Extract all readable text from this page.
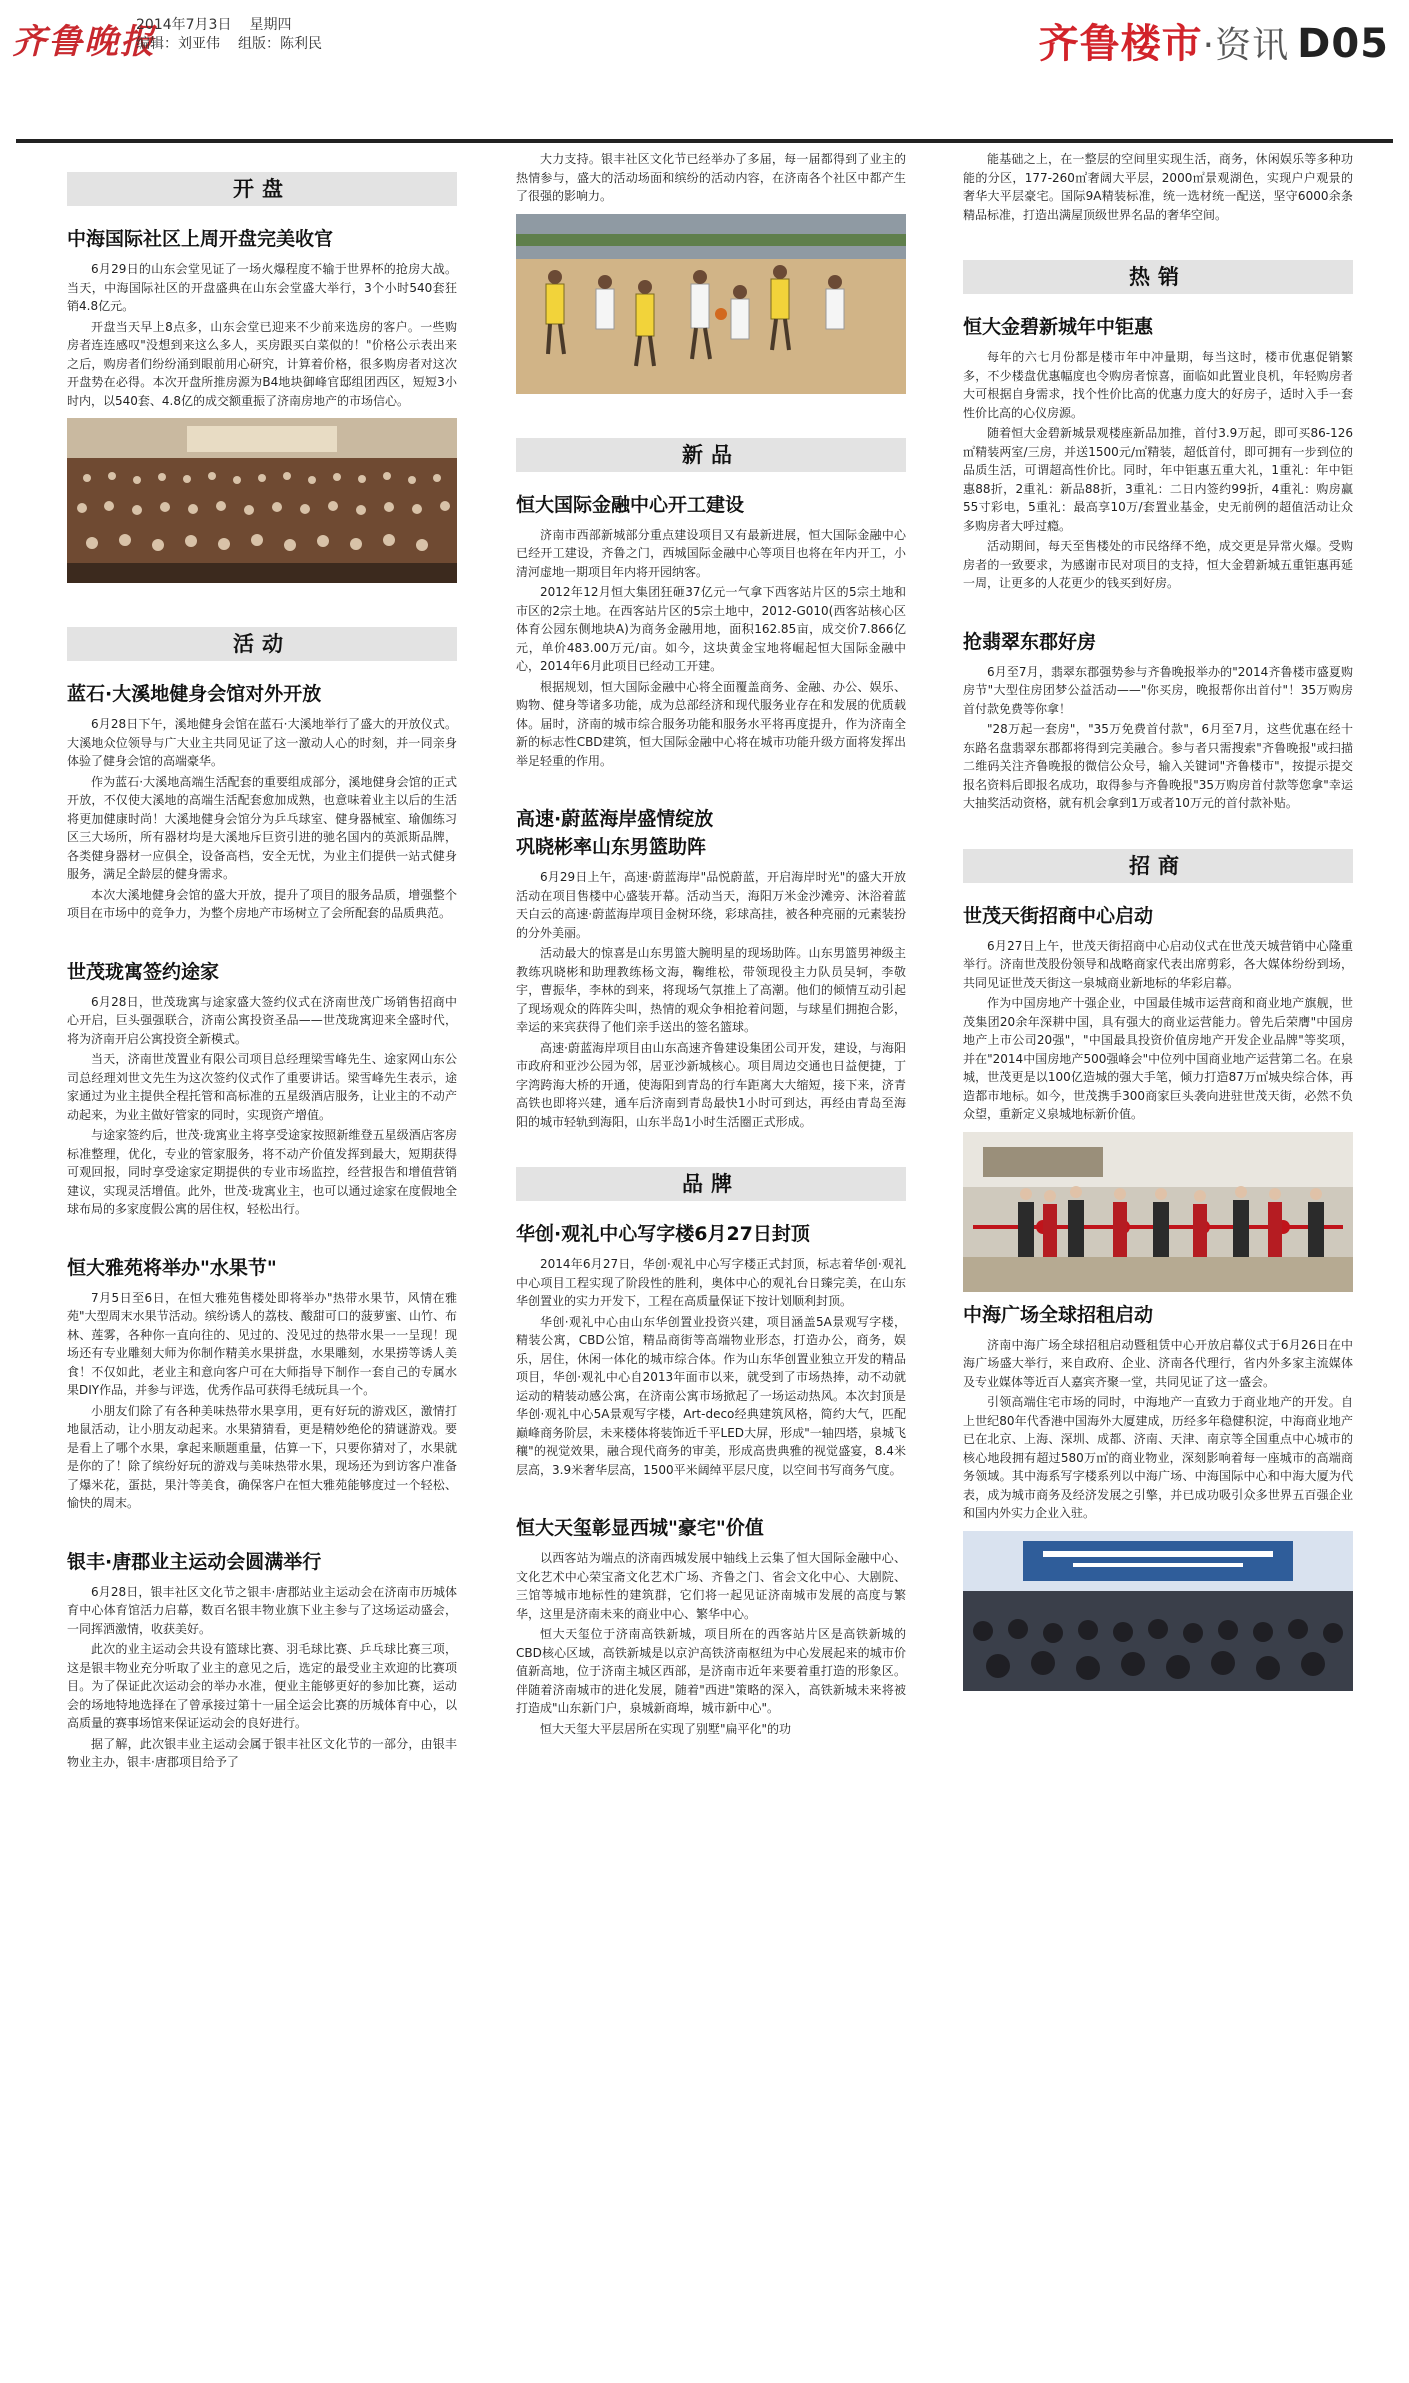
齐鲁晚报
2014年7月3日 星期四
编辑：刘亚伟 组版：陈利民	齐鲁楼市·资讯 D05
开盘
中海国际社区上周开盘完美收官

6月29日的山东会堂见证了一场火爆程度不输于世界杯的抢房大战。当天，中海国际社区的开盘盛典在山东会堂盛大举行，3个小时540套狂销4.8亿元。

开盘当天早上8点多，山东会堂已迎来不少前来选房的客户。一些购房者连连感叹"没想到来这么多人，买房跟买白菜似的！"价格公示表出来之后，购房者们纷纷涌到眼前用心研究，计算着价格，很多购房者对这次开盘势在必得。本次开盘所推房源为B4地块御峰官邸组团西区，短短3小时内，以540套、4.8亿的成交额重振了济南房地产的市场信心。

活动
蓝石·大溪地健身会馆对外开放

6月28日下午，溪地健身会馆在蓝石·大溪地举行了盛大的开放仪式。大溪地众位领导与广大业主共同见证了这一激动人心的时刻，并一同亲身体验了健身会馆的高端豪华。

作为蓝石·大溪地高端生活配套的重要组成部分，溪地健身会馆的正式开放，不仅使大溪地的高端生活配套愈加成熟，也意味着业主以后的生活将更加健康时尚！大溪地健身会馆分为乒乓球室、健身器械室、瑜伽练习区三大场所，所有器材均是大溪地斥巨资引进的驰名国内的英派斯品牌，各类健身器材一应俱全，设备高档，安全无忧，为业主们提供一站式健身服务，满足全龄层的健身需求。

本次大溪地健身会馆的盛大开放，提升了项目的服务品质，增强整个项目在市场中的竞争力，为整个房地产市场树立了会所配套的品质典范。

世茂珑寓签约途家

6月28日，世茂珑寓与途家盛大签约仪式在济南世茂广场销售招商中心开启，巨头强强联合，济南公寓投资圣品——世茂珑寓迎来全盛时代，将为济南开启公寓投资全新模式。

当天，济南世茂置业有限公司项目总经理梁雪峰先生、途家网山东公司总经理刘世文先生为这次签约仪式作了重要讲话。梁雪峰先生表示，途家通过为业主提供全程托管和高标准的五星级酒店服务，让业主的不动产动起来，为业主做好管家的同时，实现资产增值。

与途家签约后，世茂·珑寓业主将享受途家按照新维登五星级酒店客房标准整理，优化，专业的管家服务，将不动产价值发挥到最大，短期获得可观回报，同时享受途家定期提供的专业市场监控，经营报告和增值营销建议，实现灵活增值。此外，世茂·珑寓业主，也可以通过途家在度假地全球布局的多家度假公寓的居住权，轻松出行。

恒大雅苑将举办"水果节"

7月5日至6日，在恒大雅苑售楼处即将举办"热带水果节，风情在雅苑"大型周末水果节活动。缤纷诱人的荔枝、酸甜可口的菠萝蜜、山竹、布林、莲雾，各种你一直向往的、见过的、没见过的热带水果一一呈现！现场还有专业雕刻大师为你制作精美水果拼盘，水果雕刻，水果捞等诱人美食！不仅如此，老业主和意向客户可在大师指导下制作一套自己的专属水果DIY作品，并参与评选，优秀作品可获得毛绒玩具一个。

小朋友们除了有各种美味热带水果享用，更有好玩的游戏区，激情打地鼠活动，让小朋友动起来。水果猜猜看，更是精妙绝伦的猜谜游戏。要是看上了哪个水果，拿起来顺题重量，估算一下，只要你猜对了，水果就是你的了！除了缤纷好玩的游戏与美味热带水果，现场还为到访客户准备了爆米花，蛋挞，果汁等美食，确保客户在恒大雅苑能够度过一个轻松、愉快的周末。

银丰·唐郡业主运动会圆满举行

6月28日，银丰社区文化节之银丰·唐郡站业主运动会在济南市历城体育中心体育馆活力启幕，数百名银丰物业旗下业主参与了这场运动盛会，一同挥洒激情，收获美好。

此次的业主运动会共设有篮球比赛、羽毛球比赛、乒乓球比赛三项，这是银丰物业充分听取了业主的意见之后，选定的最受业主欢迎的比赛项目。为了保证此次运动会的举办水准，便业主能够更好的参加比赛，运动会的场地特地选择在了曾承接过第十一届全运会比赛的历城体育中心，以高质量的赛事场馆来保证运动会的良好进行。

据了解，此次银丰业主运动会属于银丰社区文化节的一部分，由银丰物业主办，银丰·唐郡项目给予了

大力支持。银丰社区文化节已经举办了多届，每一届都得到了业主的热情参与，盛大的活动场面和缤纷的活动内容，在济南各个社区中都产生了很强的影响力。

新品
恒大国际金融中心开工建设

济南市西部新城部分重点建设项目又有最新进展，恒大国际金融中心已经开工建设，齐鲁之门，西城国际金融中心等项目也将在年内开工，小清河虚地一期项目年内将开园纳客。

2012年12月恒大集团狂砸37亿元一气拿下西客站片区的5宗土地和市区的2宗土地。在西客站片区的5宗土地中，2012-G010(西客站核心区体育公园东侧地块A)为商务金融用地，面积162.85亩，成交价7.866亿元，单价483.00万元/亩。如今，这块黄金宝地将崛起恒大国际金融中心，2014年6月此项目已经动工开建。

根据规划，恒大国际金融中心将全面覆盖商务、金融、办公、娱乐、购物、健身等诸多功能，成为总部经济和现代服务业存在和发展的优质载体。届时，济南的城市综合服务功能和服务水平将再度提升，作为济南全新的标志性CBD建筑，恒大国际金融中心将在城市功能升级方面将发挥出举足轻重的作用。

高速·蔚蓝海岸盛情绽放
巩晓彬率山东男篮助阵

6月29日上午，高速·蔚蓝海岸"品悦蔚蓝，开启海岸时光"的盛大开放活动在项目售楼中心盛装开幕。活动当天，海阳万米金沙滩旁、沐浴着蓝天白云的高速·蔚蓝海岸项目金树环绕，彩球高挂，被各种亮丽的元素装扮的分外美丽。

活动最大的惊喜是山东男篮大腕明星的现场助阵。山东男篮男神级主教练巩晓彬和助理教练杨文海，鞠维松，带领现役主力队员吴轲，李敬宇，曹振华，李林的到来，将现场气氛推上了高潮。他们的倾情互动引起了现场观众的阵阵尖叫，热情的观众争相抢着问题，与球星们拥抱合影，幸运的来宾获得了他们亲手送出的签名篮球。

高速·蔚蓝海岸项目由山东高速齐鲁建设集团公司开发，建设，与海阳市政府和亚沙公园为邻，居亚沙新城核心。项目周边交通也日益便捷，丁字湾跨海大桥的开通，使海阳到青岛的行车距离大大缩短，接下来，济青高铁也即将兴建，通车后济南到青岛最快1小时可到达，再经由青岛至海阳的城市轻轨到海阳，山东半岛1小时生活圈正式形成。

品牌
华创·观礼中心写字楼6月27日封顶

2014年6月27日，华创·观礼中心写字楼正式封顶，标志着华创·观礼中心项目工程实现了阶段性的胜利，奥体中心的观礼台日臻完美，在山东华创置业的实力开发下，工程在高质量保证下按计划顺利封顶。

华创·观礼中心由山东华创置业投资兴建，项目涵盖5A景观写字楼，精装公寓，CBD公馆，精品商街等高端物业形态，打造办公，商务，娱乐，居住，休闲一体化的城市综合体。作为山东华创置业独立开发的精品项目，华创·观礼中心自2013年面市以来，就受到了市场热捧，动不动就运动的精装动感公寓，在济南公寓市场掀起了一场运动热风。本次封顶是华创·观礼中心5A景观写字楼，Art-deco经典建筑风格，简约大气，匹配巅峰商务阶层，未来楼体将装饰近千平LED大屏，形成"一轴四塔，泉城飞穰"的视觉效果，融合现代商务的审美，形成高贵典雅的视觉盛宴，8.4米层高，3.9米奢华层高，1500平米阔绰平层尺度，以空间书写商务气度。

恒大天玺彰显西城"豪宅"价值

以西客站为端点的济南西城发展中轴线上云集了恒大国际金融中心、文化艺术中心荣宝斋文化艺术广场、齐鲁之门、省会文化中心、大剧院、三馆等城市地标性的建筑群，它们将一起见证济南城市发展的高度与繁华，这里是济南未来的商业中心、繁华中心。

恒大天玺位于济南高铁新城，项目所在的西客站片区是高铁新城的CBD核心区域，高铁新城是以京沪高铁济南枢纽为中心发展起来的城市价值新高地，位于济南主城区西部，是济南市近年来要着重打造的形象区。伴随着济南城市的进化发展，随着"西进"策略的深入，高铁新城未来将被打造成"山东新门户，泉城新商埠，城市新中心"。

恒大天玺大平层居所在实现了别墅"扁平化"的功

能基础之上，在一整层的空间里实现生活，商务，休闲娱乐等多种功能的分区，177-260㎡奢阔大平层，2000㎡景观湖色，实现户户观景的奢华大平层豪宅。国际9A精装标准，统一选材统一配送，坚守6000余条精品标准，打造出满屋顶级世界名品的奢华空间。

热销
恒大金碧新城年中钜惠

每年的六七月份都是楼市年中冲量期，每当这时，楼市优惠促销繁多，不少楼盘优惠幅度也令购房者惊喜，面临如此置业良机，年轻购房者大可根据自身需求，找个性价比高的优惠力度大的好房子，适时入手一套性价比高的心仪房源。

随着恒大金碧新城景观楼座新品加推，首付3.9万起，即可买86-126㎡精装两室/三房，并送1500元/㎡精装，超低首付，即可拥有一步到位的品质生活，可谓超高性价比。同时，年中钜惠五重大礼，1重礼：年中钜惠88折，2重礼：新品88折，3重礼：二日内签约99折，4重礼：购房赢55寸彩电，5重礼：最高享10万/套置业基金，史无前例的超值活动让众多购房者大呼过瘾。

活动期间，每天至售楼处的市民络绎不绝，成交更是异常火爆。受购房者的一致要求，为感谢市民对项目的支持，恒大金碧新城五重钜惠再延一周，让更多的人花更少的钱买到好房。

抢翡翠东郡好房

6月至7月，翡翠东郡强势参与齐鲁晚报举办的"2014齐鲁楼市盛夏购房节"大型住房团梦公益活动——"你买房，晚报帮你出首付"！35万购房首付款免费等你拿！

"28万起一套房"，"35万免费首付款"，6月至7月，这些优惠在经十东路名盘翡翠东郡都将得到完美融合。参与者只需搜索"齐鲁晚报"或扫描二维码关注齐鲁晚报的微信公众号，输入关键词"齐鲁楼市"，按提示提交报名资料后即报名成功，取得参与齐鲁晚报"35万购房首付款等您拿"幸运大抽奖活动资格，就有机会拿到1万或者10万元的首付款补贴。

招商
世茂天街招商中心启动

6月27日上午，世茂天街招商中心启动仪式在世茂天城营销中心隆重举行。济南世茂股份领导和战略商家代表出席剪彩，各大媒体纷纷到场，共同见证世茂天街这一泉城商业新地标的华彩启幕。

作为中国房地产十强企业，中国最佳城市运营商和商业地产旗舰，世茂集团20余年深耕中国，具有强大的商业运营能力。曾先后荣膺"中国房地产上市公司20强"，"中国最具投资价值房地产开发企业品牌"等奖项，并在"2014中国房地产500强峰会"中位列中国商业地产运营第二名。在泉城，世茂更是以100亿造城的强大手笔，倾力打造87万㎡城央综合体，再造都市地标。如今，世茂携手300商家巨头袭向进驻世茂天街，必然不负众望，重新定义泉城地标新价值。

中海广场全球招租启动

济南中海广场全球招租启动暨租赁中心开放启幕仪式于6月26日在中海广场盛大举行，来自政府、企业、济南各代理行，省内外多家主流媒体及专业媒体等近百人嘉宾齐聚一堂，共同见证了这一盛会。

引领高端住宅市场的同时，中海地产一直致力于商业地产的开发。自上世纪80年代香港中国海外大厦建成，历经多年稳健积淀，中海商业地产已在北京、上海、深圳、成都、济南、天津、南京等全国重点中心城市的核心地段拥有超过580万㎡的商业物业，深刻影响着每一座城市的高端商务领域。其中海系写字楼系列以中海广场、中海国际中心和中海大厦为代表，成为城市商务及经济发展之引擎，并已成功吸引众多世界五百强企业和国内外实力企业入驻。
